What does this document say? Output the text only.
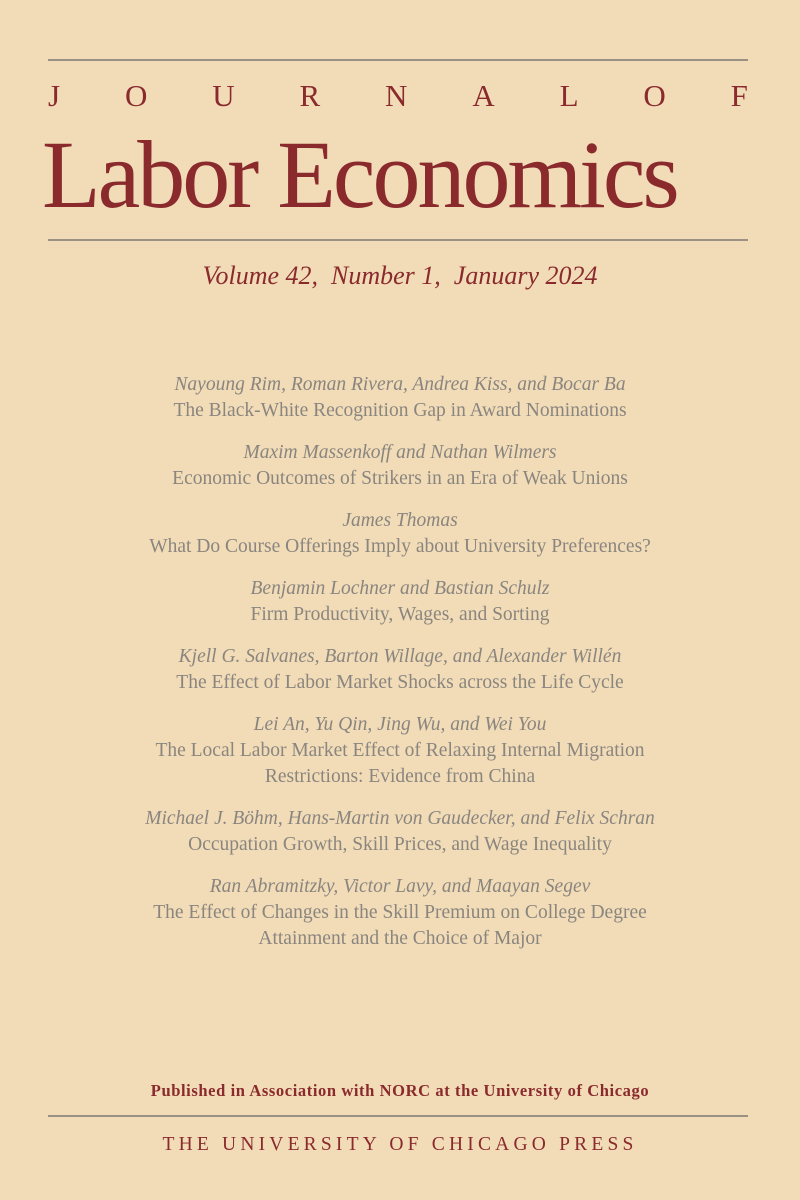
J O U R N A L O F
Labor Economics
Volume 42,  Number 1,  January 2024
Nayoung Rim, Roman Rivera, Andrea Kiss, and Bocar Ba
The Black-White Recognition Gap in Award Nominations
Maxim Massenkoff and Nathan Wilmers
Economic Outcomes of Strikers in an Era of Weak Unions
James Thomas
What Do Course Offerings Imply about University Preferences?
Benjamin Lochner and Bastian Schulz
Firm Productivity, Wages, and Sorting
Kjell G. Salvanes, Barton Willage, and Alexander Willén
The Effect of Labor Market Shocks across the Life Cycle
Lei An, Yu Qin, Jing Wu, and Wei You
The Local Labor Market Effect of Relaxing Internal Migration
Restrictions: Evidence from China
Michael J. Böhm, Hans-Martin von Gaudecker, and Felix Schran
Occupation Growth, Skill Prices, and Wage Inequality
Ran Abramitzky, Victor Lavy, and Maayan Segev
The Effect of Changes in the Skill Premium on College Degree
Attainment and the Choice of Major
Published in Association with NORC at the University of Chicago
THE UNIVERSITY OF CHICAGO PRESS
